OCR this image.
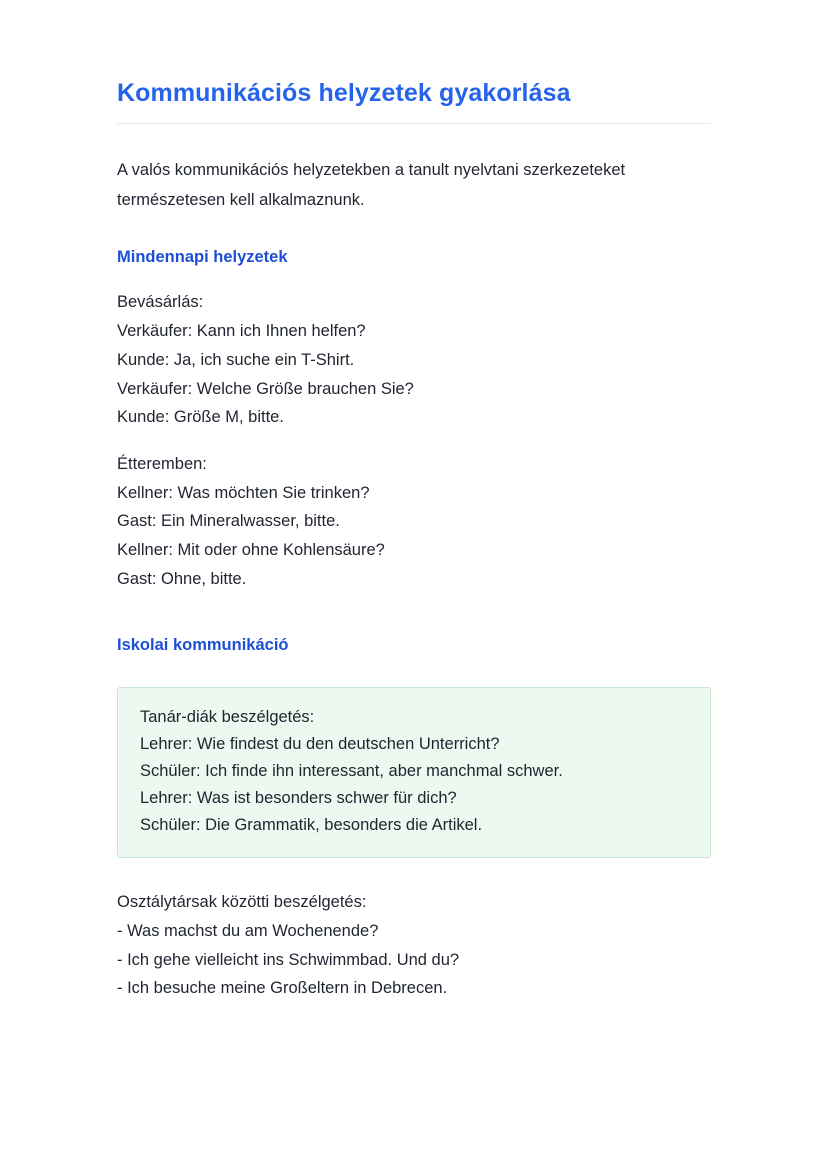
Kommunikációs helyzetek gyakorlása

A valós kommunikációs helyzetekben a tanult nyelvtani szerkezeteket természetesen kell alkalmaznunk.

Mindennapi helyzetek
Bevásárlás:
Verkäufer: Kann ich Ihnen helfen?
Kunde: Ja, ich suche ein T-Shirt.
Verkäufer: Welche Größe brauchen Sie?
Kunde: Größe M, bitte.
Étteremben:
Kellner: Was möchten Sie trinken?
Gast: Ein Mineralwasser, bitte.
Kellner: Mit oder ohne Kohlensäure?
Gast: Ohne, bitte.
Iskolai kommunikáció
Tanár-diák beszélgetés:
Lehrer: Wie findest du den deutschen Unterricht?
Schüler: Ich finde ihn interessant, aber manchmal schwer.
Lehrer: Was ist besonders schwer für dich?
Schüler: Die Grammatik, besonders die Artikel.
Osztálytársak közötti beszélgetés:
- Was machst du am Wochenende?
- Ich gehe vielleicht ins Schwimmbad. Und du?
- Ich besuche meine Großeltern in Debrecen.
